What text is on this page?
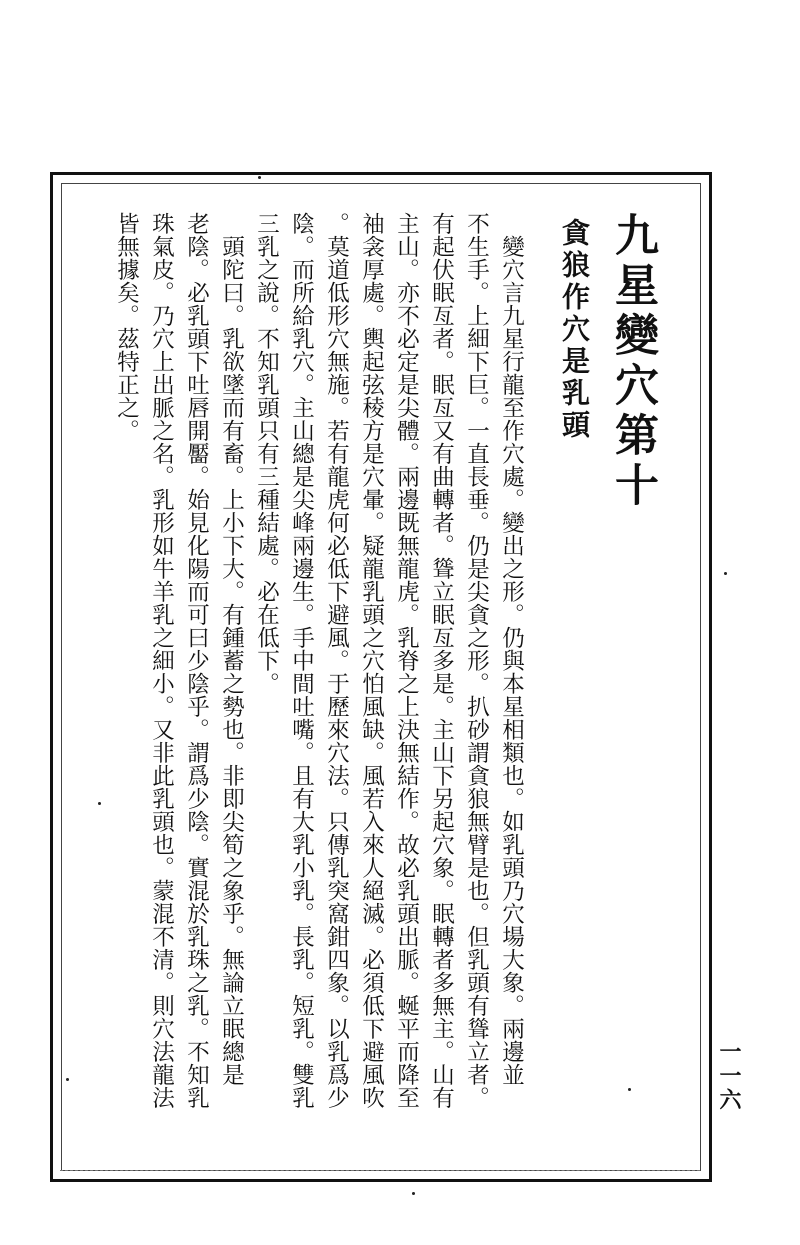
九星變穴第十
貪狼作穴是乳頭
　變穴言九星行龍至作穴處。變出之形。仍與本星相類也。如乳頭乃穴場大象。兩邊並
不生手。上細下巨。一直長垂。仍是尖貪之形。扒砂謂貪狼無臂是也。但乳頭有聳立者。
有起伏眠亙者。眠亙又有曲轉者。聳立眠亙多是。主山下另起穴象。眠轉者多無主。山有
主山。亦不必定是尖體。兩邊既無龍虎。乳脊之上決無結作。故必乳頭出脈。蜒平而降至
䄂衾厚處。輿起弦稜方是穴暈。疑龍乳頭之穴怕風缺。風若入來人絕滅。必須低下避風吹
。莫道低形穴無施。若有龍虎何必低下避風。于歷來穴法。只傳乳突窩鉗四象。以乳爲少
陰。而所給乳穴。主山總是尖峰兩邊生。手中間吐嘴。且有大乳小乳。長乳。短乳。雙乳
三乳之說。不知乳頭只有三種結處。必在低下。
　頭陀曰。乳欲墜而有畜。上小下大。有鍾蓄之勢也。非即尖筍之象乎。無論立眠總是
老陰。必乳頭下吐唇開靨。始見化陽而可曰少陰乎。謂爲少陰。實混於乳珠之乳。不知乳
珠氣皮。乃穴上出脈之名。乳形如牛羊乳之細小。又非此乳頭也。蒙混不清。則穴法龍法
皆無據矣。茲特正之。
一一六
